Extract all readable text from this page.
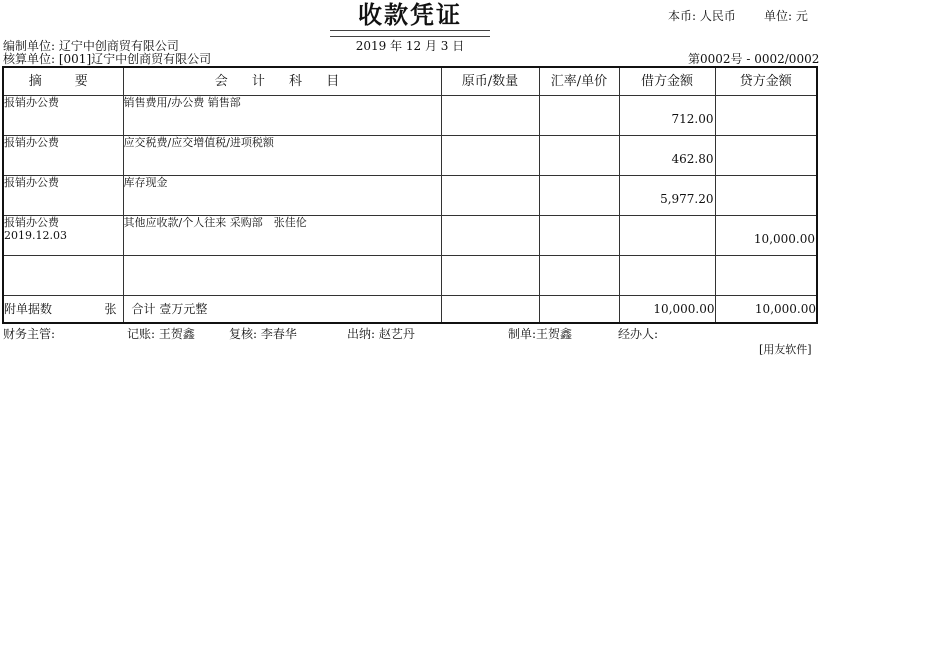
收款凭证
2019 年 12 月 3 日
本币: 人民币 单位: 元
编制单位: 辽宁中创商贸有限公司
核算单位: [001]辽宁中创商贸有限公司	第0002号 - 0002/0002
摘　要	会 计 科 目	原币/数量	汇率/单价	借方金额	贷方金额
报销办公费	销售费用/办公费 销售部			712.00	

报销办公费	应交税费/应交增值税/进项税额			462.80	

报销办公费	库存现金			5,977.20	

报销办公费 2019.12.03	其他应收款/个人往来 采购部　张佳伦				10,000.00

附单据数 张	合计 壹万元整			10,000.00	10,000.00
财务主管:	记账: 王贺鑫	复核: 李春华	出纳: 赵艺丹	制单:王贺鑫	经办人:
[用友软件]
